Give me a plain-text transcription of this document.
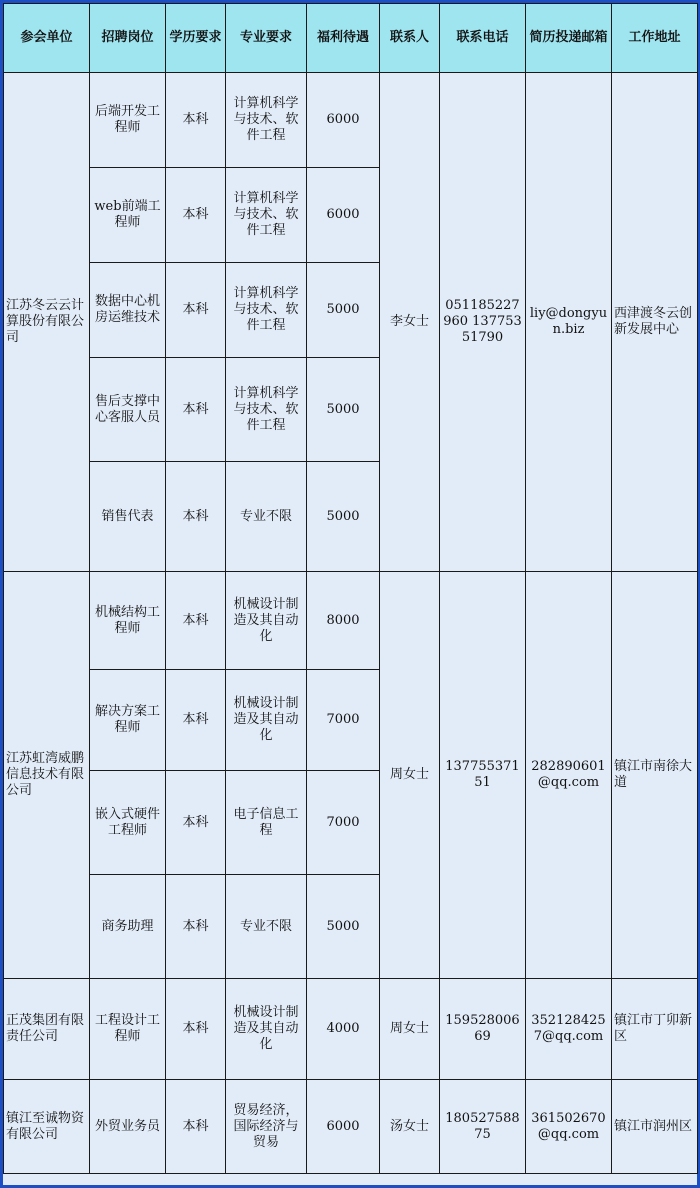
参会单位	招聘岗位	学历要求	专业要求	福利待遇	联系人	联系电话	简历投递邮箱	工作地址
江苏冬云云计算股份有限公司	后端开发工程师	本科	计算机科学与技术、软件工程	6000	李女士	051185227960 13775351790	liy@dongyun.biz	西津渡冬云创新发展中心
	web前端工程师	本科	计算机科学与技术、软件工程	6000				
	数据中心机房运维技术	本科	计算机科学与技术、软件工程	5000				
	售后支撑中心客服人员	本科	计算机科学与技术、软件工程	5000				
	销售代表	本科	专业不限	5000				
江苏虹湾威鹏信息技术有限公司	机械结构工程师	本科	机械设计制造及其自动化	8000	周女士	13775537151	282890601@qq.com	镇江市南徐大道
	解决方案工程师	本科	机械设计制造及其自动化	7000				
	嵌入式硬件工程师	本科	电子信息工程	7000				
	商务助理	本科	专业不限	5000				
正茂集团有限责任公司	工程设计工程师	本科	机械设计制造及其自动化	4000	周女士	15952800669	3521284257@qq.com	镇江市丁卯新区
镇江至诚物资有限公司	外贸业务员	本科	贸易经济，国际经济与贸易	6000	汤女士	18052758875	361502670@qq.com	镇江市润州区
